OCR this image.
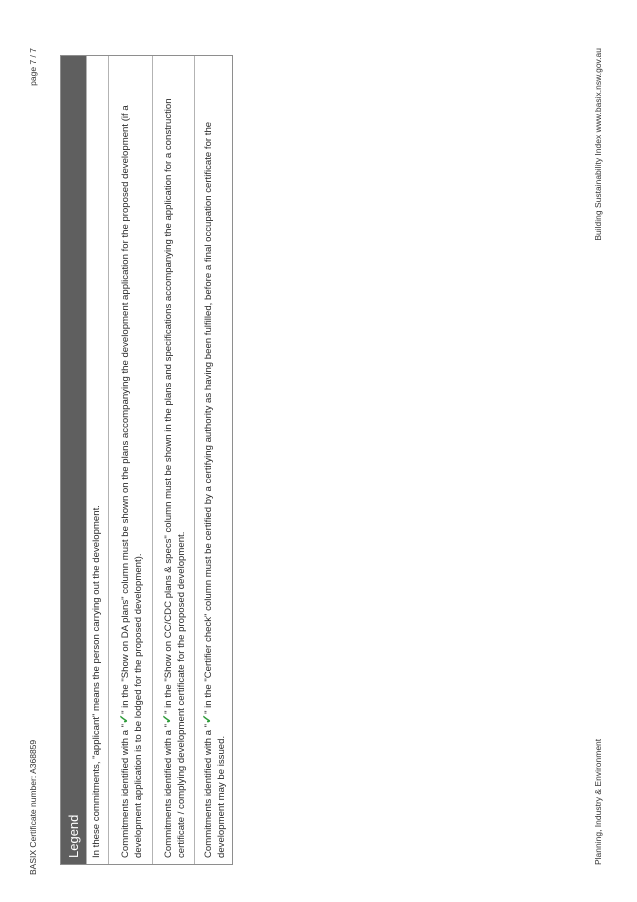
BASIX Certificate number: A368859
page 7 / 7
Legend	In these commitments, "applicant" means the person carrying out the development.	Commitments identified with a "✓" in the "Show on DA plans" column must be shown on the plans accompanying the development application for the proposed development (if a development application is to be lodged for the proposed development).	Commitments identified with a "✓" in the "Show on CC/CDC plans & specs" column must be shown in the plans and specifications accompanying the application for a construction certificate / complying development certificate for the proposed development.	Commitments identified with a "✓" in the "Certifier check" column must be certified by a certifying authority as having been fulfilled, before a final occupation certificate for the development may be issued.	Planning, Industry & Environment
Building Sustainability Index www.basix.nsw.gov.au
